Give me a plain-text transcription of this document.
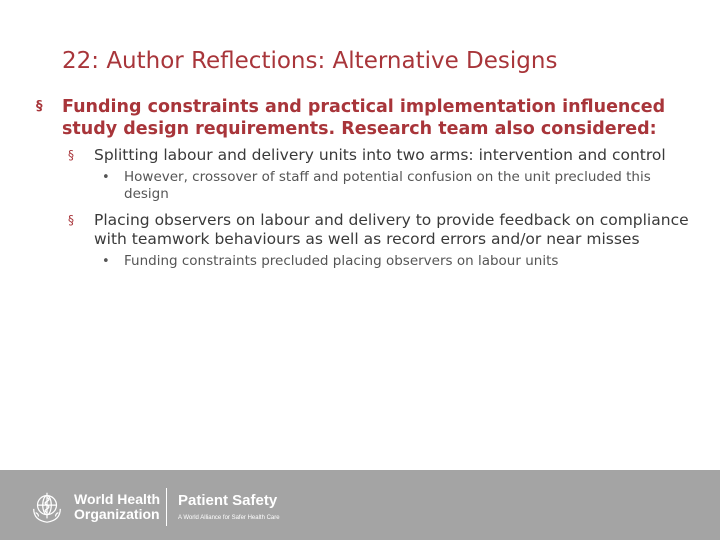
22: Author Reflections: Alternative Designs
§ Funding constraints and practical implementation influenced study design requirements. Research team also considered:
§ Splitting labour and delivery units into two arms: intervention and control
• However, crossover of staff and potential confusion on the unit precluded this design
§ Placing observers on labour and delivery to provide feedback on compliance with teamwork behaviours as well as record errors and/or near misses
• Funding constraints precluded placing observers on labour units
World Health
Organization
Patient Safety
A World Alliance for Safer Health Care
